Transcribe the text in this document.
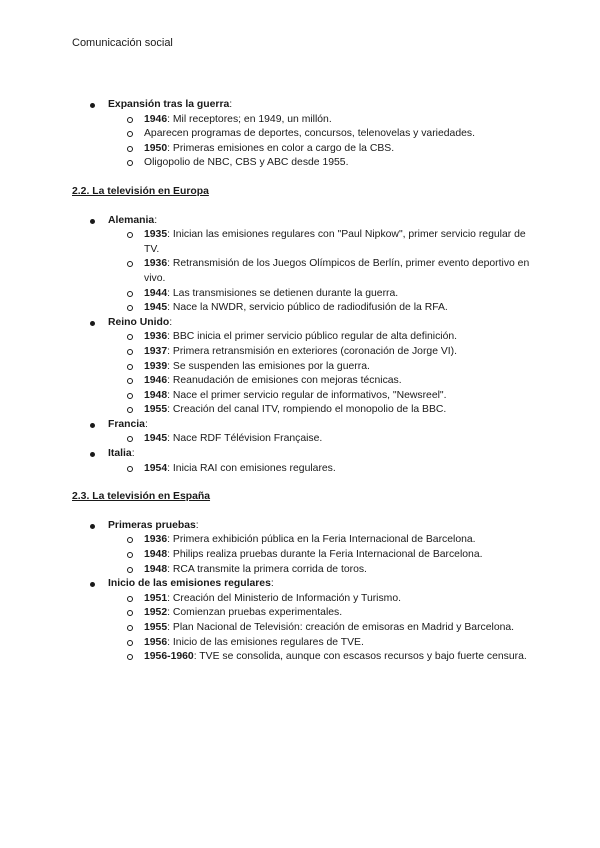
Comunicación social
Expansión tras la guerra:
1946: Mil receptores; en 1949, un millón.
Aparecen programas de deportes, concursos, telenovelas y variedades.
1950: Primeras emisiones en color a cargo de la CBS.
Oligopolio de NBC, CBS y ABC desde 1955.

2.2. La televisión en Europa

Alemania:
1935: Inician las emisiones regulares con "Paul Nipkow", primer servicio regular de TV.
1936: Retransmisión de los Juegos Olímpicos de Berlín, primer evento deportivo en vivo.
1944: Las transmisiones se detienen durante la guerra.
1945: Nace la NWDR, servicio público de radiodifusión de la RFA.
Reino Unido:
1936: BBC inicia el primer servicio público regular de alta definición.
1937: Primera retransmisión en exteriores (coronación de Jorge VI).
1939: Se suspenden las emisiones por la guerra.
1946: Reanudación de emisiones con mejoras técnicas.
1948: Nace el primer servicio regular de informativos, "Newsreel".
1955: Creación del canal ITV, rompiendo el monopolio de la BBC.
Francia:
1945: Nace RDF Télévision Française.
Italia:
1954: Inicia RAI con emisiones regulares.

2.3. La televisión en España

Primeras pruebas:
1936: Primera exhibición pública en la Feria Internacional de Barcelona.
1948: Philips realiza pruebas durante la Feria Internacional de Barcelona.
1948: RCA transmite la primera corrida de toros.
Inicio de las emisiones regulares:
1951: Creación del Ministerio de Información y Turismo.
1952: Comienzan pruebas experimentales.
1955: Plan Nacional de Televisión: creación de emisoras en Madrid y Barcelona.
1956: Inicio de las emisiones regulares de TVE.
1956-1960: TVE se consolida, aunque con escasos recursos y bajo fuerte censura.
